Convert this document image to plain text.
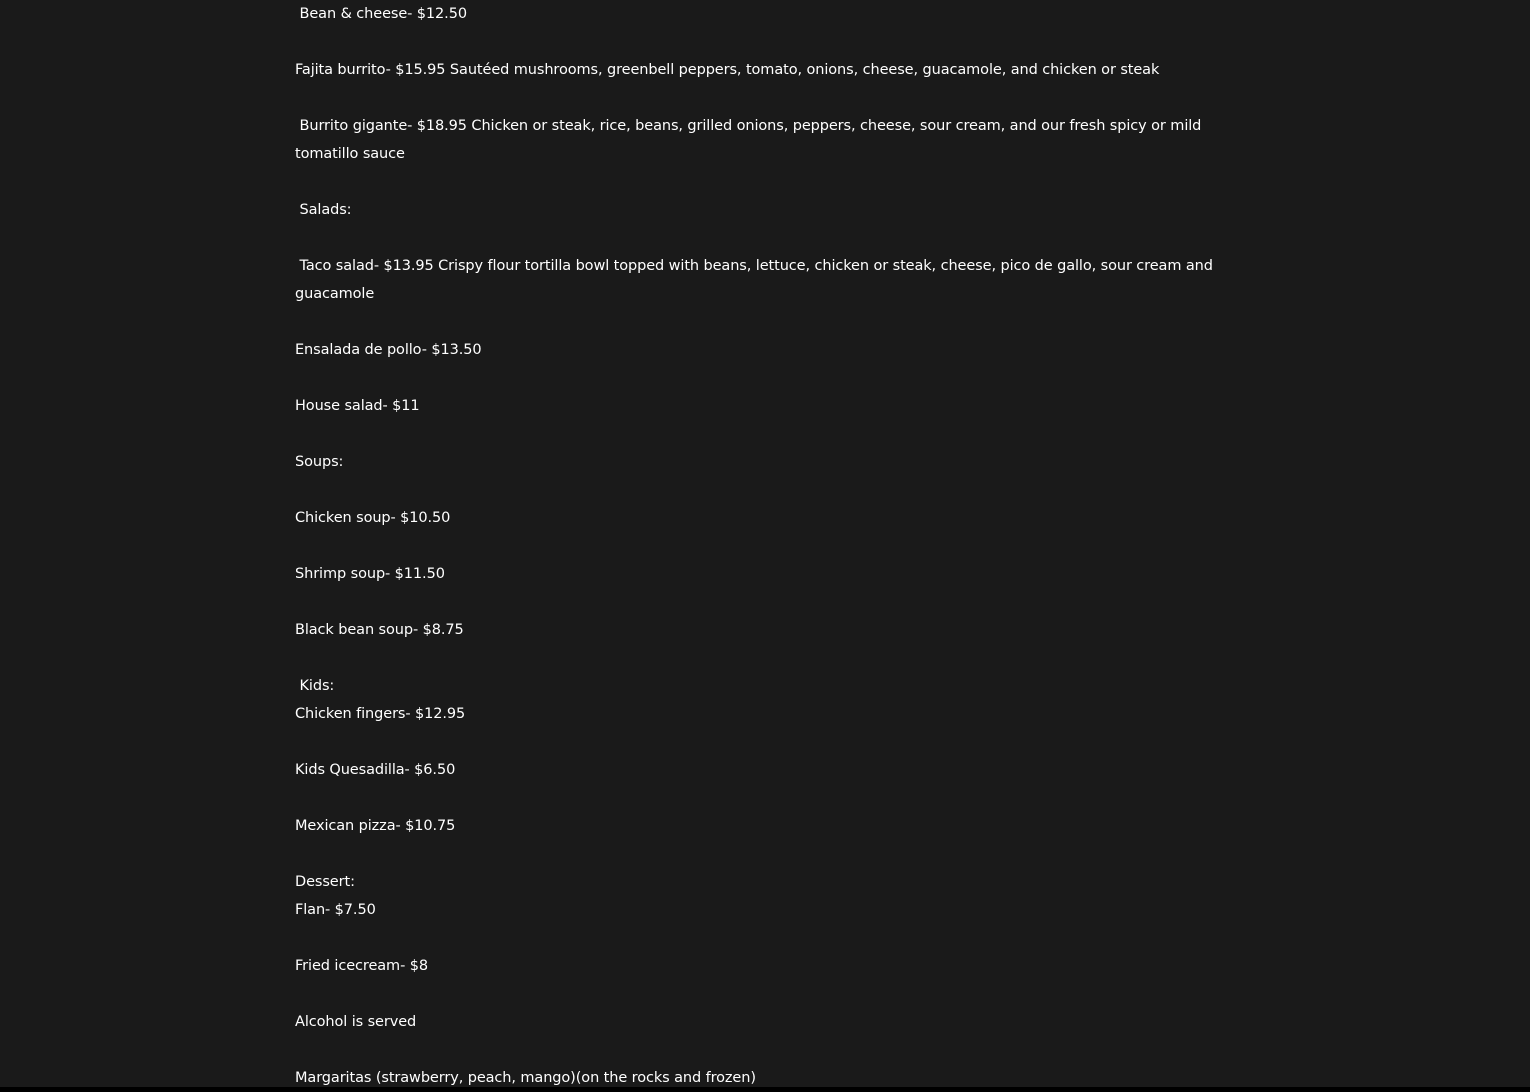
Bean & cheese- $12.50

Fajita burrito- $15.95 Sautéed mushrooms, greenbell peppers, tomato, onions, cheese, guacamole, and chicken or steak

Burrito gigante- $18.95 Chicken or steak, rice, beans, grilled onions, peppers, cheese, sour cream, and our fresh spicy or mild tomatillo sauce

Salads:

Taco salad- $13.95 Crispy flour tortilla bowl topped with beans, lettuce, chicken or steak, cheese, pico de gallo, sour cream and guacamole

Ensalada de pollo- $13.50

House salad- $11

Soups:

Chicken soup- $10.50

Shrimp soup- $11.50

Black bean soup- $8.75

Kids:

Chicken fingers- $12.95

Kids Quesadilla- $6.50

Mexican pizza- $10.75

Dessert:

Flan- $7.50

Fried icecream- $8

Alcohol is served

Margaritas (strawberry, peach, mango)(on the rocks and frozen)
